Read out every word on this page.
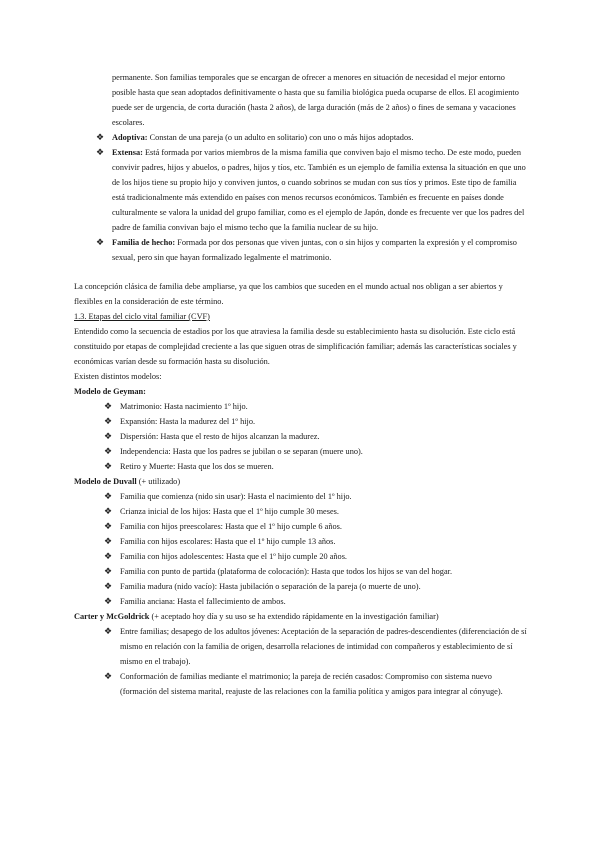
permanente. Son familias temporales que se encargan de ofrecer a menores en situación de necesidad el mejor entorno posible hasta que sean adoptados definitivamente o hasta que su familia biológica pueda ocuparse de ellos. El acogimiento puede ser de urgencia, de corta duración (hasta 2 años), de larga duración (más de 2 años) o fines de semana y vacaciones escolares.

❖ Adoptiva: Constan de una pareja (o un adulto en solitario) con uno o más hijos adoptados.
❖ Extensa: Está formada por varios miembros de la misma familia que conviven bajo el mismo techo. De este modo, pueden convivir padres, hijos y abuelos, o padres, hijos y tíos, etc. También es un ejemplo de familia extensa la situación en que uno de los hijos tiene su propio hijo y conviven juntos, o cuando sobrinos se mudan con sus tíos y primos. Este tipo de familia está tradicionalmente más extendido en países con menos recursos económicos. También es frecuente en países donde culturalmente se valora la unidad del grupo familiar, como es el ejemplo de Japón, donde es frecuente ver que los padres del padre de familia convivan bajo el mismo techo que la familia nuclear de su hijo.
❖ Familia de hecho: Formada por dos personas que viven juntas, con o sin hijos y comparten la expresión y el compromiso sexual, pero sin que hayan formalizado legalmente el matrimonio.

La concepción clásica de familia debe ampliarse, ya que los cambios que suceden en el mundo actual nos obligan a ser abiertos y flexibles en la consideración de este término.

1.3. Etapas del ciclo vital familiar (CVF)

Entendido como la secuencia de estadios por los que atraviesa la familia desde su establecimiento hasta su disolución. Este ciclo está constituido por etapas de complejidad creciente a las que siguen otras de simplificación familiar; además las características sociales y económicas varían desde su formación hasta su disolución.

Existen distintos modelos:

Modelo de Geyman:

❖ Matrimonio: Hasta nacimiento 1º hijo.
❖ Expansión: Hasta la madurez del 1º hijo.
❖ Dispersión: Hasta que el resto de hijos alcanzan la madurez.
❖ Independencia: Hasta que los padres se jubilan o se separan (muere uno).
❖ Retiro y Muerte: Hasta que los dos se mueren.

Modelo de Duvall (+ utilizado)

❖ Familia que comienza (nido sin usar): Hasta el nacimiento del 1º hijo.
❖ Crianza inicial de los hijos: Hasta que el 1º hijo cumple 30 meses.
❖ Familia con hijos preescolares: Hasta que el 1º hijo cumple 6 años.
❖ Familia con hijos escolares: Hasta que el 1º hijo cumple 13 años.
❖ Familia con hijos adolescentes: Hasta que el 1º hijo cumple 20 años.
❖ Familia con punto de partida (plataforma de colocación): Hasta que todos los hijos se van del hogar.
❖ Familia madura (nido vacío): Hasta jubilación o separación de la pareja (o muerte de uno).
❖ Familia anciana: Hasta el fallecimiento de ambos.

Carter y McGoldrick (+ aceptado hoy día y su uso se ha extendido rápidamente en la investigación familiar)

❖ Entre familias; desapego de los adultos jóvenes: Aceptación de la separación de padres-descendientes (diferenciación de sí mismo en relación con la familia de origen, desarrolla relaciones de intimidad con compañeros y establecimiento de sí mismo en el trabajo).
❖ Conformación de familias mediante el matrimonio; la pareja de recién casados: Compromiso con sistema nuevo (formación del sistema marital, reajuste de las relaciones con la familia política y amigos para integrar al cónyuge).
